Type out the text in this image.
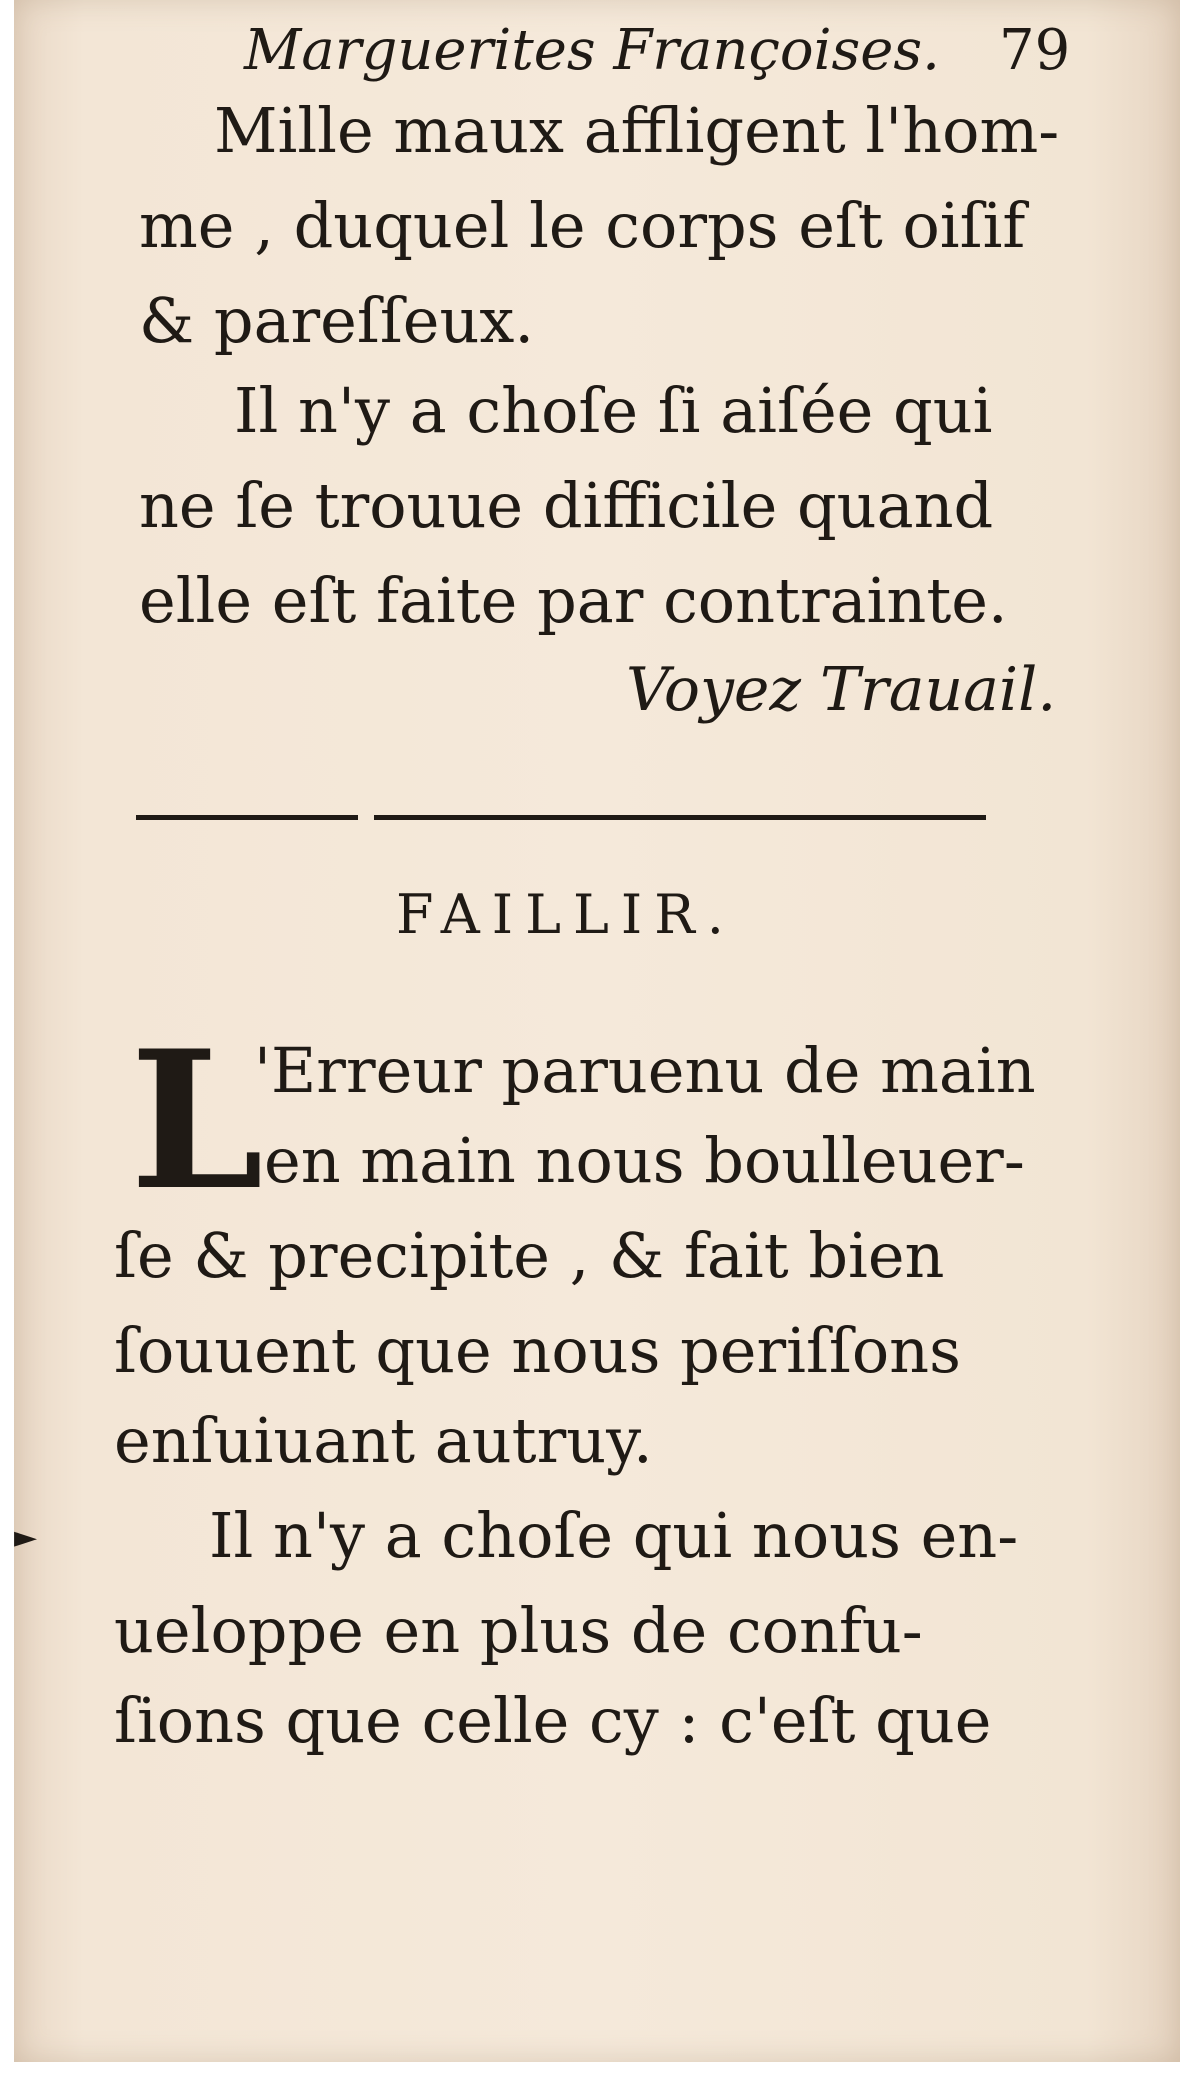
Marguerites Françoises. 79
Mille maux affligent l'hom-
me , duquel le corps eſt oiſif
& pareſſeux.
Il n'y a choſe ſi aiſée qui
ne ſe trouue difficile quand
elle eſt faite par contrainte.
Voyez Trauail.
FAILLIR.
L
'Erreur paruenu de main
en main nous boulleuer-
ſe & precipite , & fait bien
ſouuent que nous periſſons
enſuiuant autruy.
Il n'y a choſe qui nous en-
ueloppe en plus de confu-
ſions que celle cy : c'eſt que
►
